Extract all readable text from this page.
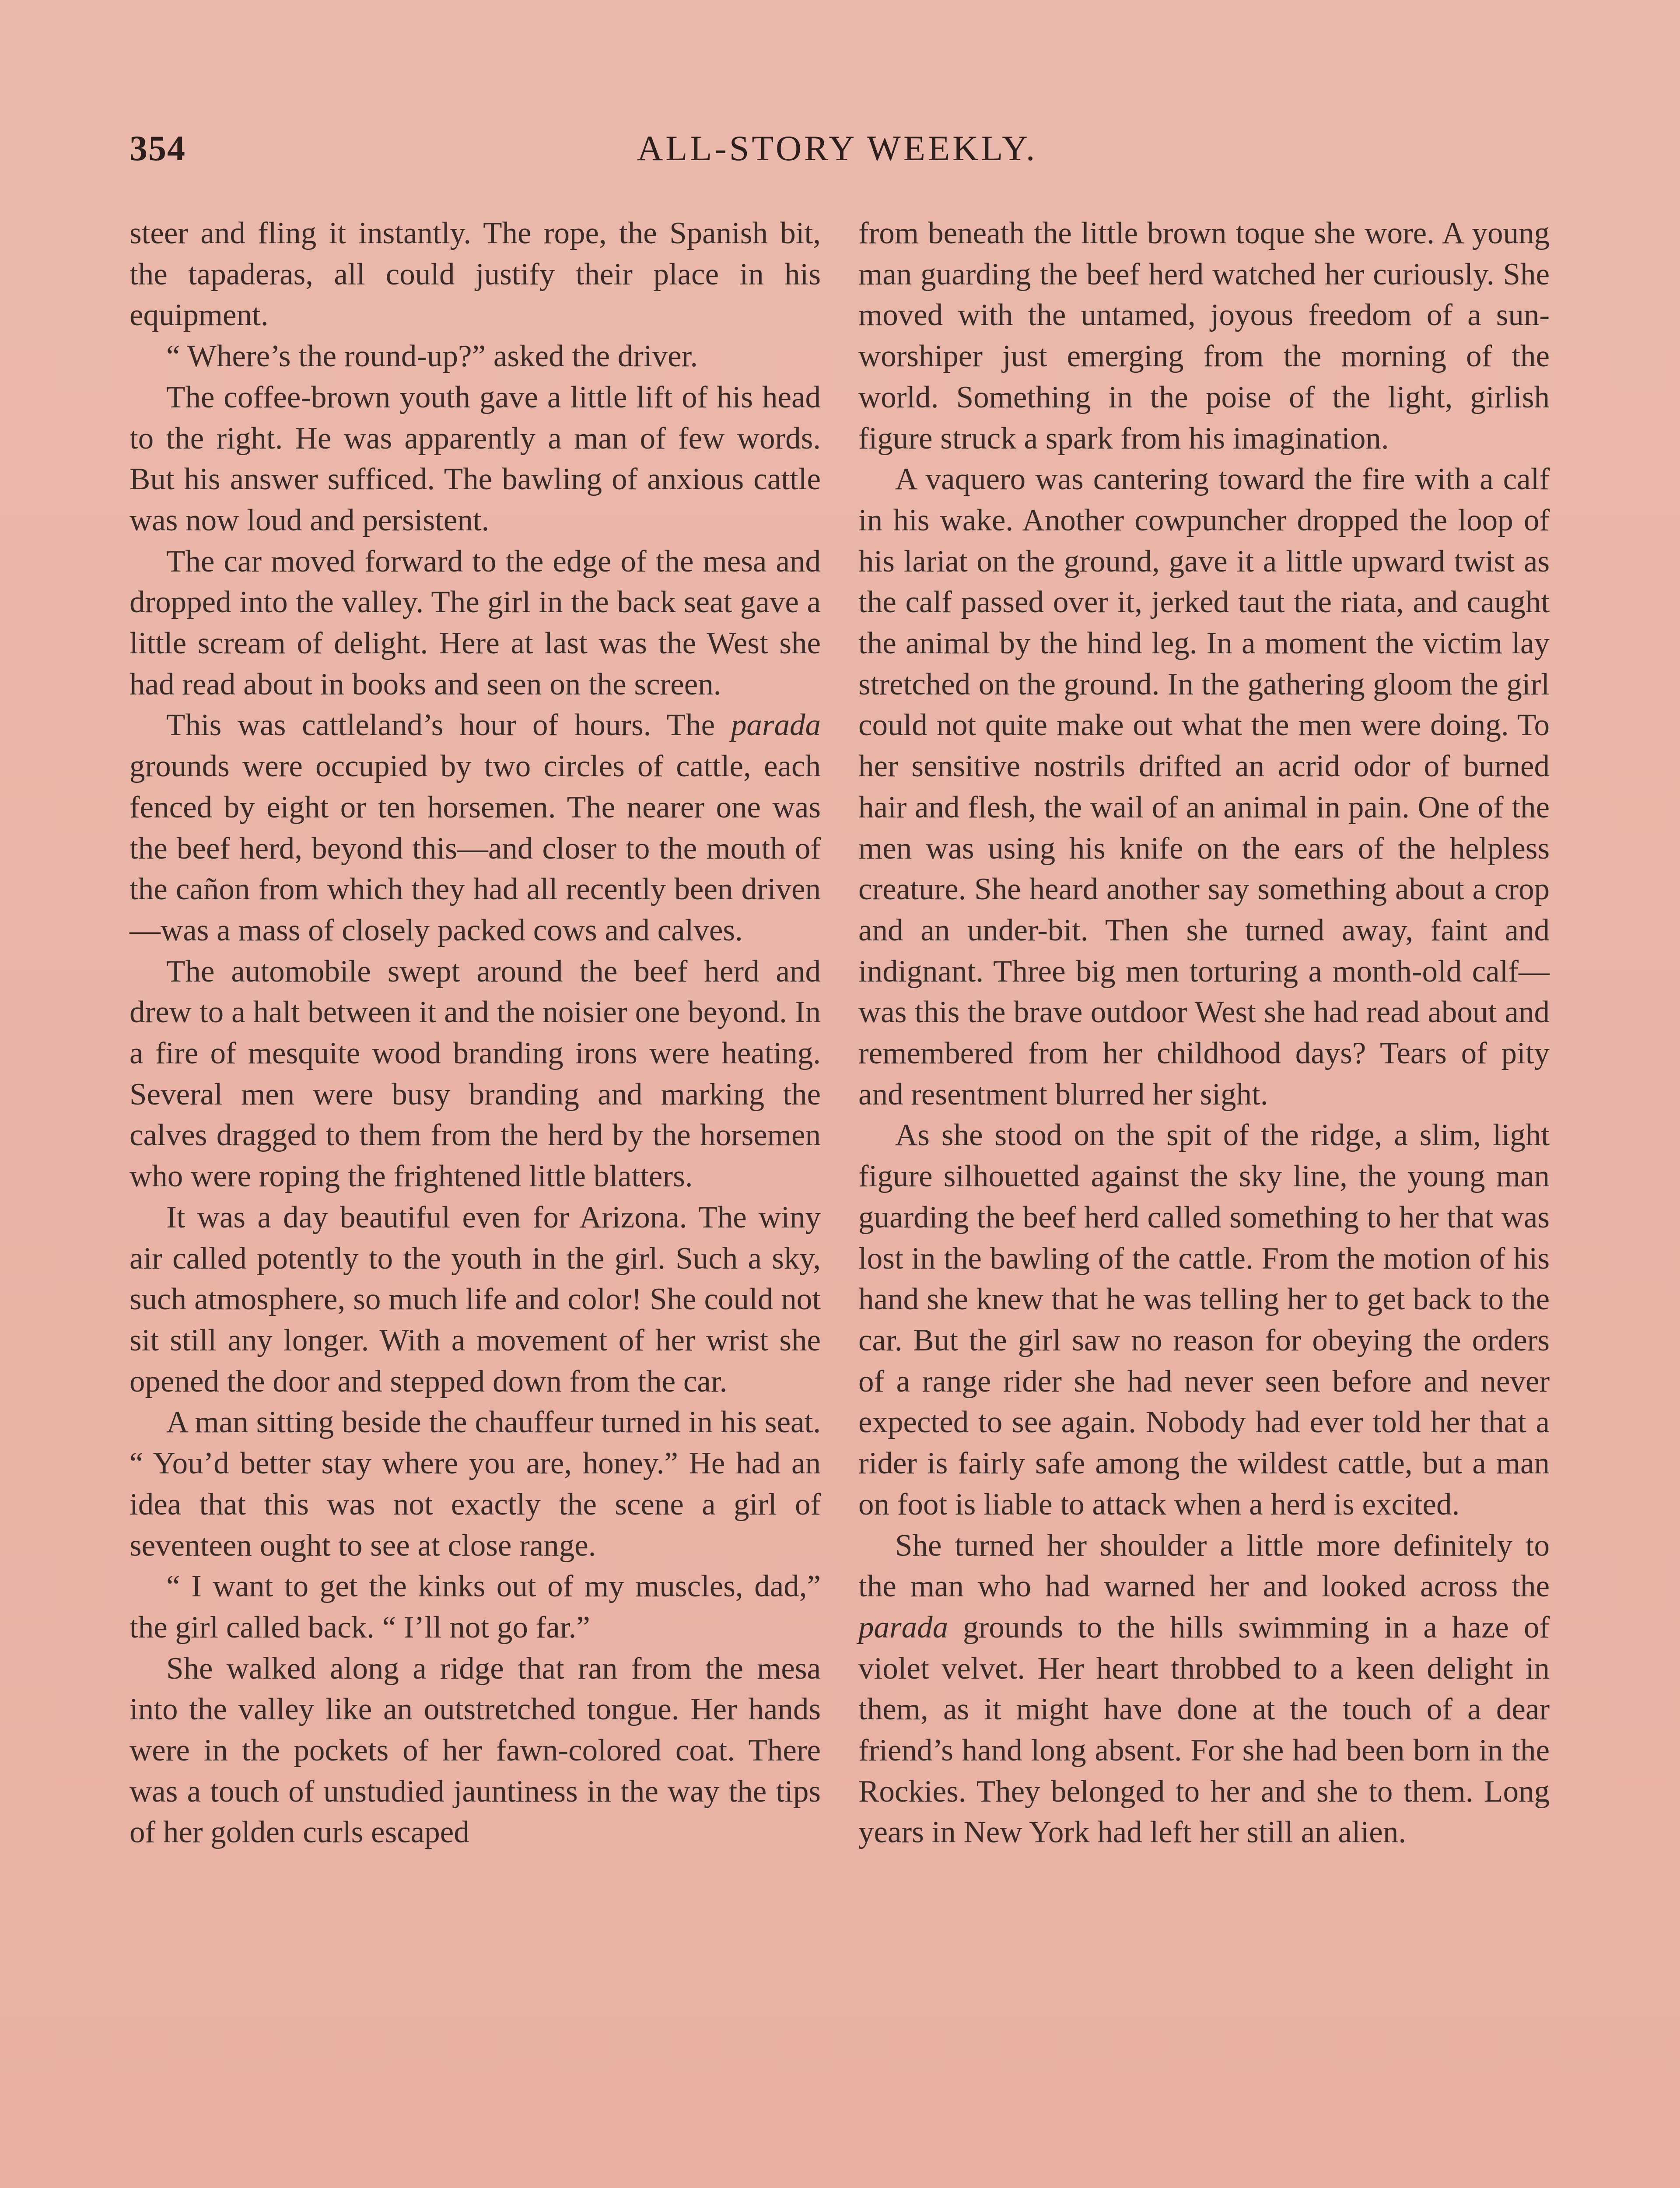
354	ALL-STORY WEEKLY.

steer and fling it instantly. The rope, the Spanish bit, the tapaderas, all could justify their place in his equipment.

“ Where’s the round-up?” asked the driver.

The coffee-brown youth gave a little lift of his head to the right. He was apparently a man of few words. But his answer sufficed. The bawling of anxious cattle was now loud and persistent.

The car moved forward to the edge of the mesa and dropped into the valley. The girl in the back seat gave a little scream of delight. Here at last was the West she had read about in books and seen on the screen.

This was cattleland’s hour of hours. The parada grounds were occupied by two circles of cattle, each fenced by eight or ten horsemen. The nearer one was the beef herd, beyond this—and closer to the mouth of the cañon from which they had all recently been driven—was a mass of closely packed cows and calves.

The automobile swept around the beef herd and drew to a halt between it and the noisier one beyond. In a fire of mesquite wood branding irons were heating. Several men were busy branding and marking the calves dragged to them from the herd by the horsemen who were roping the frightened little blatters.

It was a day beautiful even for Arizona. The winy air called potently to the youth in the girl. Such a sky, such atmosphere, so much life and color! She could not sit still any longer. With a movement of her wrist she opened the door and stepped down from the car.

A man sitting beside the chauffeur turned in his seat. “ You’d better stay where you are, honey.” He had an idea that this was not exactly the scene a girl of seventeen ought to see at close range.

“ I want to get the kinks out of my muscles, dad,” the girl called back. “ I’ll not go far.”

She walked along a ridge that ran from the mesa into the valley like an outstretched tongue. Her hands were in the pockets of her fawn-colored coat. There was a touch of unstudied jauntiness in the way the tips of her golden curls escaped

from beneath the little brown toque she wore. A young man guarding the beef herd watched her curiously. She moved with the untamed, joyous freedom of a sun-worshiper just emerging from the morning of the world. Something in the poise of the light, girlish figure struck a spark from his imagination.

A vaquero was cantering toward the fire with a calf in his wake. Another cowpuncher dropped the loop of his lariat on the ground, gave it a little upward twist as the calf passed over it, jerked taut the riata, and caught the animal by the hind leg. In a moment the victim lay stretched on the ground. In the gathering gloom the girl could not quite make out what the men were doing. To her sensitive nostrils drifted an acrid odor of burned hair and flesh, the wail of an animal in pain. One of the men was using his knife on the ears of the helpless creature. She heard another say something about a crop and an under-bit. Then she turned away, faint and indignant. Three big men torturing a month-old calf—was this the brave outdoor West she had read about and remembered from her childhood days? Tears of pity and resentment blurred her sight.

As she stood on the spit of the ridge, a slim, light figure silhouetted against the sky line, the young man guarding the beef herd called something to her that was lost in the bawling of the cattle. From the motion of his hand she knew that he was telling her to get back to the car. But the girl saw no reason for obeying the orders of a range rider she had never seen before and never expected to see again. Nobody had ever told her that a rider is fairly safe among the wildest cattle, but a man on foot is liable to attack when a herd is excited.

She turned her shoulder a little more definitely to the man who had warned her and looked across the parada grounds to the hills swimming in a haze of violet velvet. Her heart throbbed to a keen delight in them, as it might have done at the touch of a dear friend’s hand long absent. For she had been born in the Rockies. They belonged to her and she to them. Long years in New York had left her still an alien.
